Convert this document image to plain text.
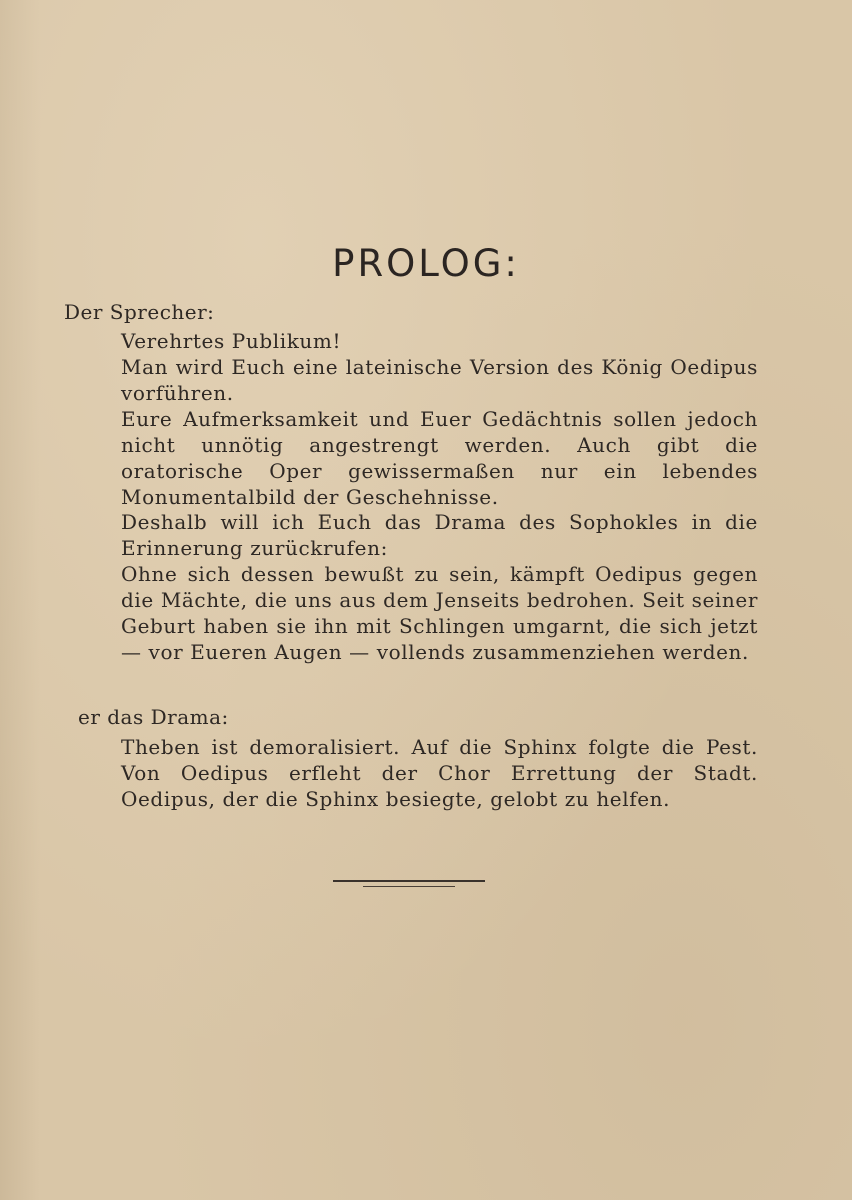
PROLOG:

Der Sprecher:

Verehrtes Publikum!

Man wird Euch eine lateinische Version des König Oedipus vorführen.

Eure Aufmerksamkeit und Euer Gedächtnis sollen jedoch nicht unnötig angestrengt werden. Auch gibt die oratorische Oper gewissermaßen nur ein lebendes Monumentalbild der Geschehnisse.

Deshalb will ich Euch das Drama des Sophokles in die Erinnerung zurückrufen:

Ohne sich dessen bewußt zu sein, kämpft Oedipus gegen die Mächte, die uns aus dem Jenseits bedrohen. Seit seiner Geburt haben sie ihn mit Schlingen umgarnt, die sich jetzt — vor Eueren Augen — vollends zusammenziehen werden.

er das Drama:

Theben ist demoralisiert. Auf die Sphinx folgte die Pest. Von Oedipus erfleht der Chor Errettung der Stadt. Oedipus, der die Sphinx besiegte, gelobt zu helfen.
